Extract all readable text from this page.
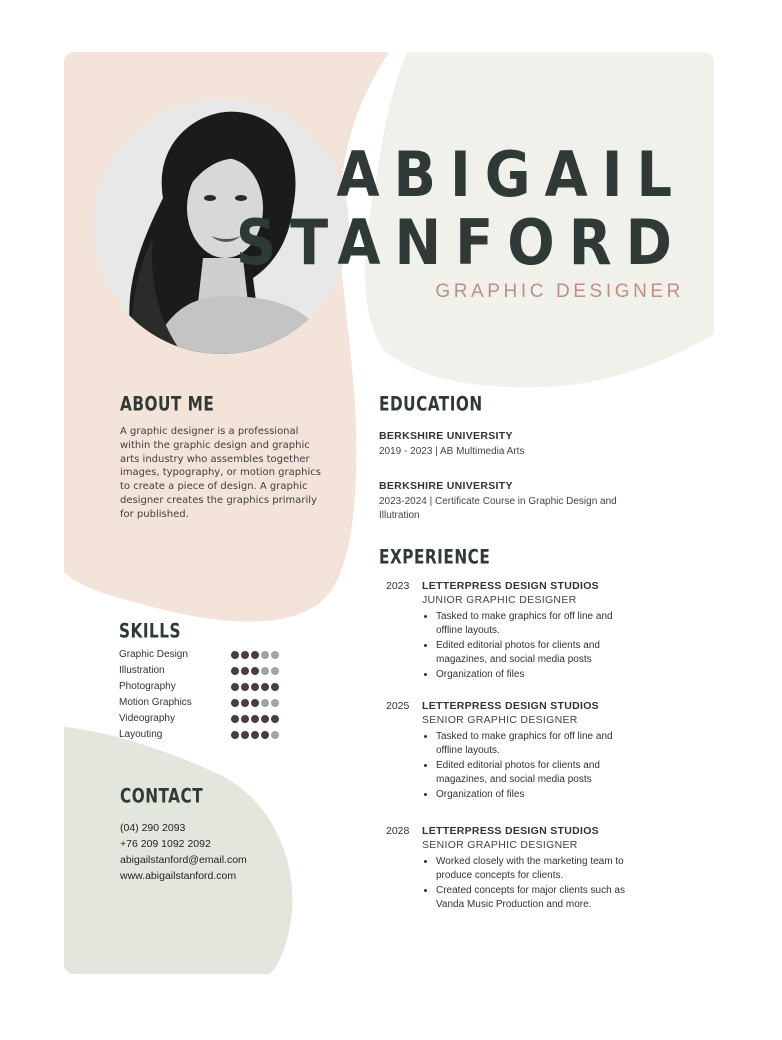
ABIGAIL
STANFORD
GRAPHIC DESIGNER
ABOUT ME
A graphic designer is a professional within the graphic design and graphic arts industry who assembles together images, typography, or motion graphics to create a piece of design. A graphic designer creates the graphics primarily for published.
SKILLS
Graphic Design
Illustration
Photography
Motion Graphics
Videography
Layouting
CONTACT
(04) 290 2093
+76 209 1092 2092
abigailstanford@email.com
www.abigailstanford.com
EDUCATION
BERKSHIRE UNIVERSITY
2019 - 2023 | AB Multimedia Arts
BERKSHIRE UNIVERSITY
2023-2024 | Certificate Course in Graphic Design and Illutration
EXPERIENCE
2023 LETTERPRESS DESIGN STUDIOS
JUNIOR GRAPHIC DESIGNER
• Tasked to make graphics for off line and offline layouts.
• Edited editorial photos for clients and magazines, and social media posts
• Organization of files
2025 LETTERPRESS DESIGN STUDIOS
SENIOR GRAPHIC DESIGNER
• Tasked to make graphics for off line and offline layouts.
• Edited editorial photos for clients and magazines, and social media posts
• Organization of files
2028 LETTERPRESS DESIGN STUDIOS
SENIOR GRAPHIC DESIGNER
• Worked closely with the marketing team to produce concepts for clients.
• Created concepts for major clients such as Vanda Music Production and more.
